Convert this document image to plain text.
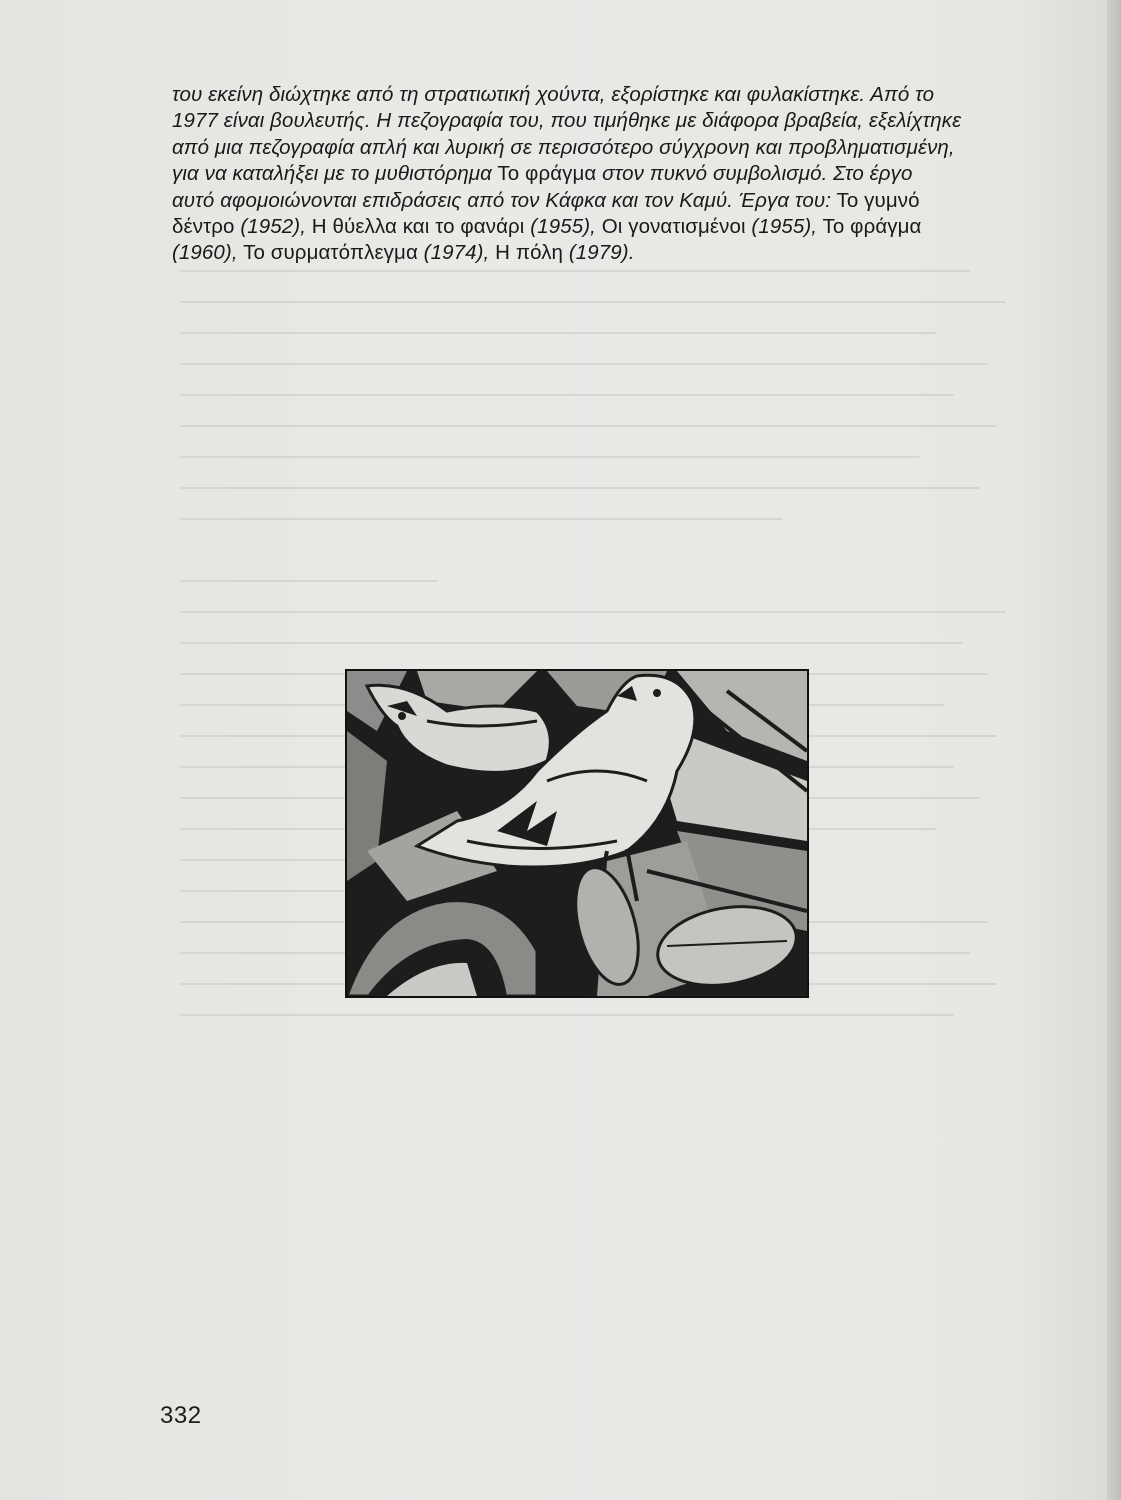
του εκείνη διώχτηκε από τη στρατιωτική χούντα, εξορίστηκε και φυλακίστηκε. Από το

1977 είναι βουλευτής. Η πεζογραφία του, που τιμήθηκε με διάφορα βραβεία, εξελίχτηκε

από μια πεζογραφία απλή και λυρική σε περισσότερο σύγχρονη και προβληματισμένη,

για να καταλήξει με το μυθιστόρημα Το φράγμα στον πυκνό συμβολισμό. Στο έργο

αυτό αφομοιώνονται επιδράσεις από τον Κάφκα και τον Καμύ. Έργα του: Το γυμνό

δέντρο (1952), Η θύελλα και το φανάρι (1955), Οι γονατισμένοι (1955), Το φράγμα

(1960), Το συρματόπλεγμα (1974), Η πόλη (1979).

332
